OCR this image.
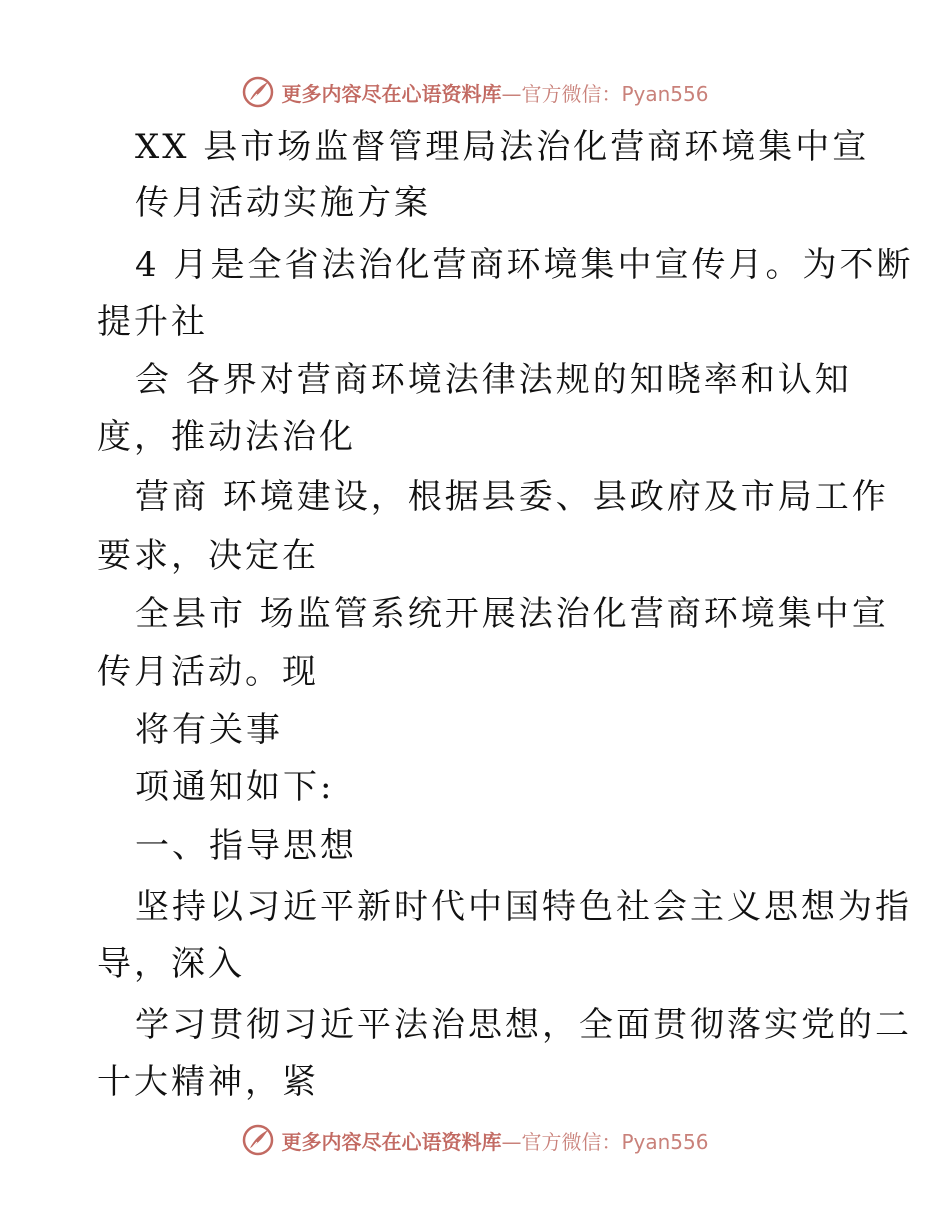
更多内容尽在心语资料库—官方微信：Pyan556
XX 县市场监督管理局法治化营商环境集中宣
传月活动实施方案
4 月是全省法治化营商环境集中宣传月。为不断
提升社
会 各界对营商环境法律法规的知晓率和认知
度，推动法治化
营商 环境建设，根据县委、县政府及市局工作
要求，决定在
全县市 场监管系统开展法治化营商环境集中宣
传月活动。现
将有关事
项通知如下:
一、指导思想
坚持以习近平新时代中国特色社会主义思想为指
导，深入
学习贯彻习近平法治思想，全面贯彻落实党的二
十大精神，紧
更多内容尽在心语资料库—官方微信：Pyan556
